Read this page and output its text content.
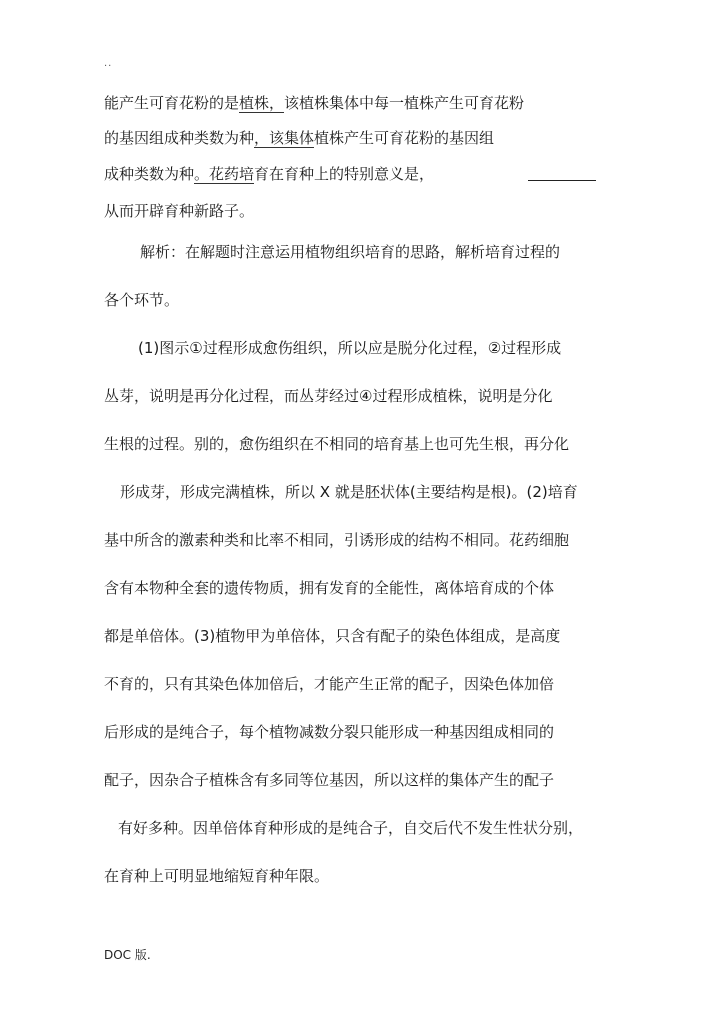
..
能产生可育花粉的是植株，该植株集体中每一植株产生可育花粉
的基因组成种类数为种，该集体植株产生可育花粉的基因组
成种类数为种。花药培育在育种上的特别意义是，
从而开辟育种新路子。
解析：在解题时注意运用植物组织培育的思路，解析培育过程的
各个环节。
(1)图示①过程形成愈伤组织，所以应是脱分化过程，②过程形成
丛芽，说明是再分化过程，而丛芽经过④过程形成植株，说明是分化
生根的过程。别的，愈伤组织在不相同的培育基上也可先生根，再分化
形成芽，形成完满植株，所以 X 就是胚状体(主要结构是根)。(2)培育
基中所含的激素种类和比率不相同，引诱形成的结构不相同。花药细胞
含有本物种全套的遗传物质，拥有发育的全能性，离体培育成的个体
都是单倍体。(3)植物甲为单倍体，只含有配子的染色体组成，是高度
不育的，只有其染色体加倍后，才能产生正常的配子，因染色体加倍
后形成的是纯合子，每个植物减数分裂只能形成一种基因组成相同的
配子，因杂合子植株含有多同等位基因，所以这样的集体产生的配子
有好多种。因单倍体育种形成的是纯合子，自交后代不发生性状分别，
在育种上可明显地缩短育种年限。
DOC 版.
